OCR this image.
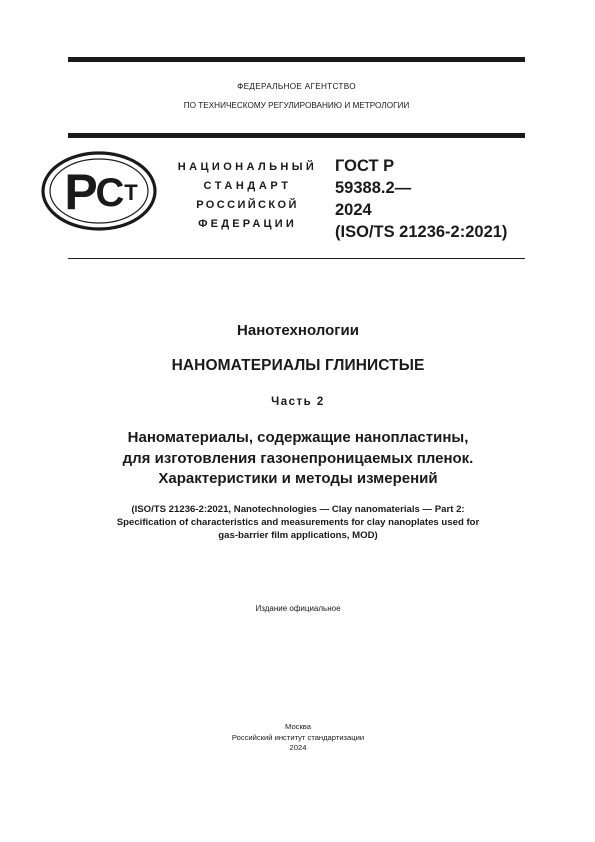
ФЕДЕРАЛЬНОЕ АГЕНТСТВО
ПО ТЕХНИЧЕСКОМУ РЕГУЛИРОВАНИЮ И МЕТРОЛОГИИ
Р
С Т
НАЦИОНАЛЬНЫЙ
СТАНДАРТ
РОССИЙСКОЙ
ФЕДЕРАЦИИ
ГОСТ Р
59388.2—
2024
(ISO/TS 21236-2:2021)
Нанотехнологии
НАНОМАТЕРИАЛЫ ГЛИНИСТЫЕ
Часть 2
Наноматериалы, содержащие нанопластины,
для изготовления газонепроницаемых пленок.
Характеристики и методы измерений
(ISO/TS 21236-2:2021, Nanotechnologies — Clay nanomaterials — Part 2:
Specification of characteristics and measurements for clay nanoplates used for
gas-barrier film applications, MOD)
Издание официальное
Москва
Российский институт стандартизации
2024
